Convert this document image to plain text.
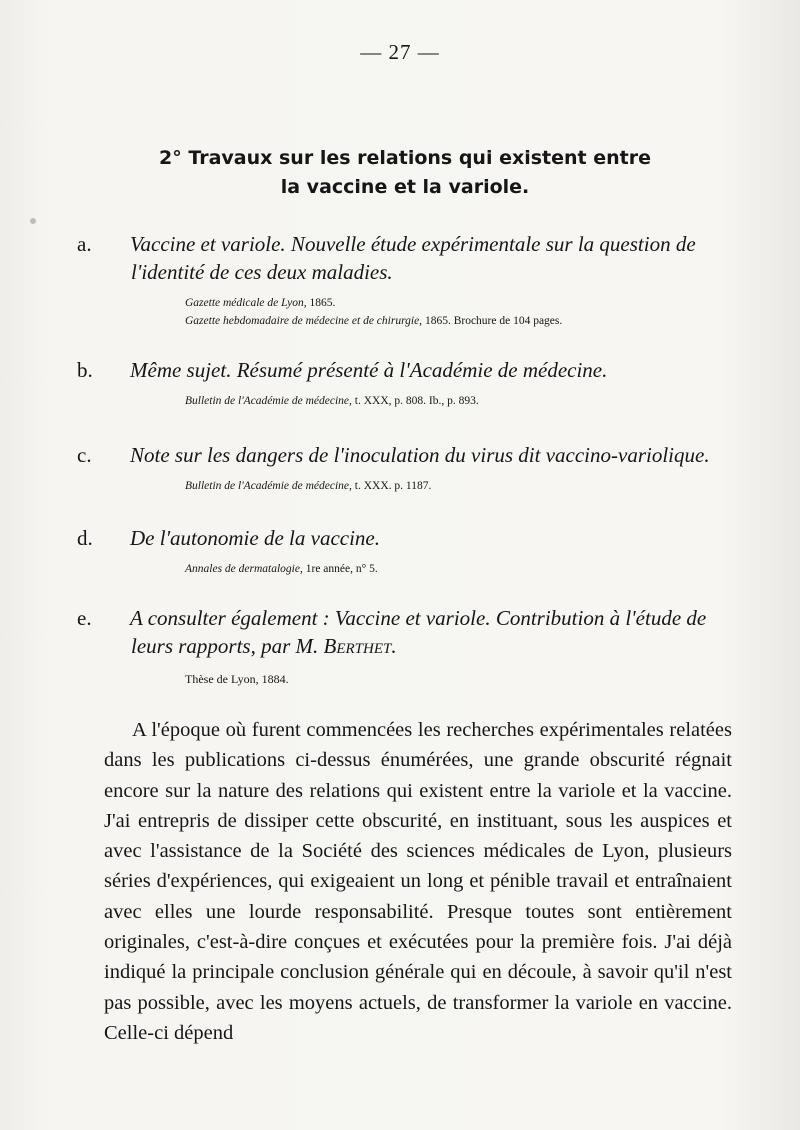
— 27 —
2° Travaux sur les relations qui existent entre
la vaccine et la variole.
a. Vaccine et variole. Nouvelle étude expérimentale sur la question de l'identité de ces deux maladies.
Gazette médicale de Lyon, 1865.
Gazette hebdomadaire de médecine et de chirurgie, 1865. Brochure de 104 pages.
b. Même sujet. Résumé présenté à l'Académie de médecine.
Bulletin de l'Académie de médecine, t. XXX, p. 808. Ib., p. 893.
c. Note sur les dangers de l'inoculation du virus dit vaccino-variolique.
Bulletin de l'Académie de médecine, t. XXX. p. 1187.
d. De l'autonomie de la vaccine.
Annales de dermatalogie, 1re année, n° 5.
e. A consulter également : Vaccine et variole. Contribution à l'étude de leurs rapports, par M. Berthet.
Thèse de Lyon, 1884.
A l'époque où furent commencées les recherches expérimentales relatées dans les publications ci-dessus énumérées, une grande obscurité régnait encore sur la nature des relations qui existent entre la variole et la vaccine. J'ai entrepris de dissiper cette obscurité, en instituant, sous les auspices et avec l'assistance de la Société des sciences médicales de Lyon, plusieurs séries d'expériences, qui exigeaient un long et pénible travail et entraînaient avec elles une lourde responsabilité. Presque toutes sont entièrement originales, c'est-à-dire conçues et exécutées pour la première fois. J'ai déjà indiqué la principale conclusion générale qui en découle, à savoir qu'il n'est pas possible, avec les moyens actuels, de transformer la variole en vaccine. Celle-ci dépend
